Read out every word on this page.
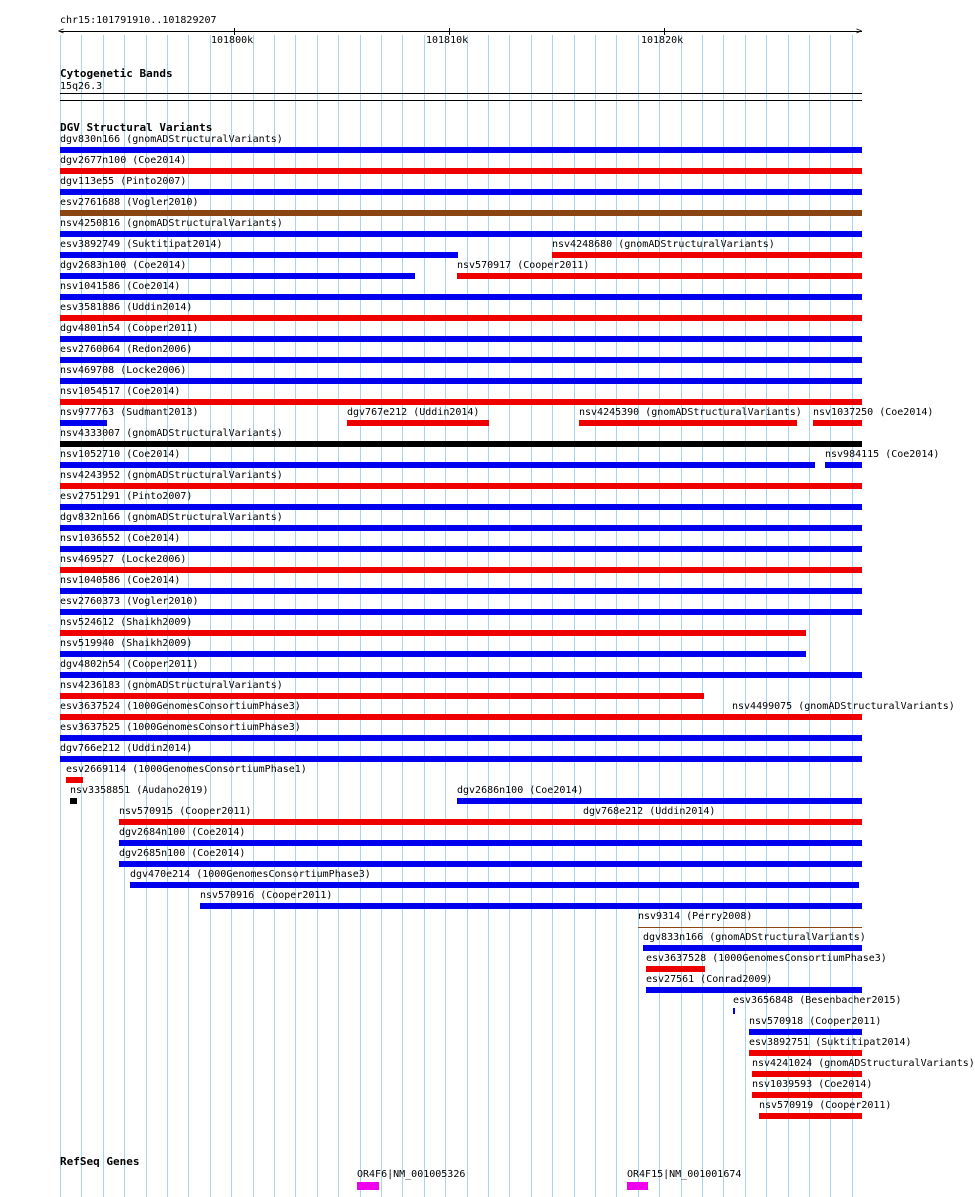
chr15:101791910..101829207
<	>
101800k	101810k	101820k
Cytogenetic Bands
15q26.3
DGV Structural Variants
dgv830n166 (gnomADStructuralVariants)
dgv2677n100 (Coe2014)
dgv113e55 (Pinto2007)
esv2761688 (Vogler2010)
nsv4250816 (gnomADStructuralVariants)
esv3892749 (Suktitipat2014)	nsv4248680 (gnomADStructuralVariants)
dgv2683n100 (Coe2014)	nsv570917 (Cooper2011)
nsv1041586 (Coe2014)
esv3581886 (Uddin2014)
dgv4801n54 (Cooper2011)
esv2760064 (Redon2006)
nsv469708 (Locke2006)
nsv1054517 (Coe2014)
nsv977763 (Sudmant2013)	dgv767e212 (Uddin2014)	nsv4245390 (gnomADStructuralVariants) nsv1037250 (Coe2014)
nsv4333007 (gnomADStructuralVariants)
nsv1052710 (Coe2014)	nsv984115 (Coe2014)
nsv4243952 (gnomADStructuralVariants)
esv2751291 (Pinto2007)
dgv832n166 (gnomADStructuralVariants)
nsv1036552 (Coe2014)
nsv469527 (Locke2006)
nsv1040586 (Coe2014)
esv2760373 (Vogler2010)
nsv524612 (Shaikh2009)
nsv519940 (Shaikh2009)
dgv4802n54 (Cooper2011)
nsv4236183 (gnomADStructuralVariants)
nsv4499075 (gnomADStructuralVariants)
esv3637524 (1000GenomesConsortiumPhase3)
esv3637525 (1000GenomesConsortiumPhase3)
dgv766e212 (Uddin2014)
esv2669114 (1000GenomesConsortiumPhase1)
dgv2686n100 (Coe2014)
nsv3358851 (Audano2019)
dgv768e212 (Uddin2014)
nsv570915 (Cooper2011)
dgv2684n100 (Coe2014)
dgv2685n100 (Coe2014)
dgv470e214 (1000GenomesConsortiumPhase3)
nsv570916 (Cooper2011)
nsv9314 (Perry2008)
dgv833n166 (gnomADStructuralVariants)
esv3637528 (1000GenomesConsortiumPhase3)
esv27561 (Conrad2009)
esv3656848 (Besenbacher2015)
nsv570918 (Cooper2011)
esv3892751 (Suktitipat2014)
nsv4241024 (gnomADStructuralVariants)
nsv1039593 (Coe2014)
nsv570919 (Cooper2011)
RefSeq Genes
OR4F6|NM_001005326	OR4F15|NM_001001674
